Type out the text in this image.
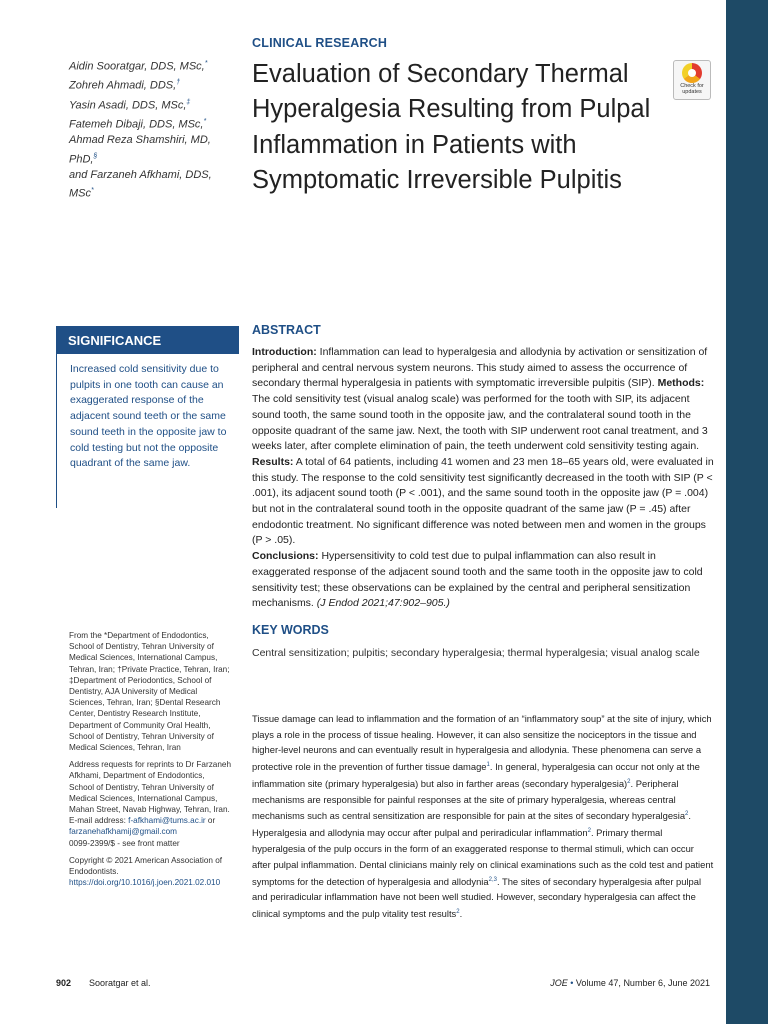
CLINICAL RESEARCH
Aidin Sooratgar, DDS, MSc,*
Zohreh Ahmadi, DDS,†
Yasin Asadi, DDS, MSc,‡
Fatemeh Dibaji, DDS, MSc,*
Ahmad Reza Shamshiri, MD, PhD,§
and Farzaneh Afkhami, DDS, MSc*
Evaluation of Secondary Thermal Hyperalgesia Resulting from Pulpal Inflammation in Patients with Symptomatic Irreversible Pulpitis
Check for
updates
SIGNIFICANCE
Increased cold sensitivity due to pulpits in one tooth can cause an exaggerated response of the adjacent sound teeth or the same sound teeth in the opposite jaw to cold testing but not the opposite quadrant of the same jaw.
ABSTRACT
Introduction: Inflammation can lead to hyperalgesia and allodynia by activation or sensitization of peripheral and central nervous system neurons. This study aimed to assess the occurrence of secondary thermal hyperalgesia in patients with symptomatic irreversible pulpitis (SIP). Methods: The cold sensitivity test (visual analog scale) was performed for the tooth with SIP, its adjacent sound tooth, the same sound tooth in the opposite jaw, and the contralateral sound tooth in the opposite quadrant of the same jaw. Next, the tooth with SIP underwent root canal treatment, and 3 weeks later, after complete elimination of pain, the teeth underwent cold sensitivity testing again. Results: A total of 64 patients, including 41 women and 23 men 18–65 years old, were evaluated in this study. The response to the cold sensitivity test significantly decreased in the tooth with SIP (P < .001), its adjacent sound tooth (P < .001), and the same sound tooth in the opposite jaw (P = .004) but not in the contralateral sound tooth in the opposite quadrant of the same jaw (P = .45) after endodontic treatment. No significant difference was noted between men and women in the groups (P > .05).
Conclusions: Hypersensitivity to cold test due to pulpal inflammation can also result in exaggerated response of the adjacent sound tooth and the same tooth in the opposite jaw to cold sensitivity test; these observations can be explained by the central and peripheral sensitization mechanisms. (J Endod 2021;47:902–905.)
KEY WORDS
Central sensitization; pulpitis; secondary hyperalgesia; thermal hyperalgesia; visual analog scale

From the *Department of Endodontics, School of Dentistry, Tehran University of Medical Sciences, International Campus, Tehran, Iran; †Private Practice, Tehran, Iran; ‡Department of Periodontics, School of Dentistry, AJA University of Medical Sciences, Tehran, Iran; §Dental Research Center, Dentistry Research Institute, Department of Community Oral Health, School of Dentistry, Tehran University of Medical Sciences, Tehran, Iran

Address requests for reprints to Dr Farzaneh Afkhami, Department of Endodontics, School of Dentistry, Tehran University of Medical Sciences, International Campus, Mahan Street, Navab Highway, Tehran, Iran.
E-mail address: f-afkhami@tums.ac.ir or farzanehafkhamij@gmail.com
0099-2399/$ - see front matter

Copyright © 2021 American Association of Endodontists.
https://doi.org/10.1016/j.joen.2021.02.010

Tissue damage can lead to inflammation and the formation of an “inflammatory soup” at the site of injury, which plays a role in the process of tissue healing. However, it can also sensitize the nociceptors in the tissue and higher-level neurons and can eventually result in hyperalgesia and allodynia. These phenomena can serve a protective role in the prevention of further tissue damage$^1$. In general, hyperalgesia can occur not only at the inflammation site (primary hyperalgesia) but also in farther areas (secondary hyperalgesia)$^2$. Peripheral mechanisms are responsible for painful responses at the site of primary hyperalgesia, whereas central mechanisms such as central sensitization are responsible for pain at the sites of secondary hyperalgesia$^2$. Hyperalgesia and allodynia may occur after pulpal and periradicular inflammation$^2$. Primary thermal hyperalgesia of the pulp occurs in the form of an exaggerated response to thermal stimuli, which can occur after pulpal inflammation. Dental clinicians mainly rely on clinical examinations such as the cold test and patient symptoms for the detection of hyperalgesia and allodynia$^{2,3}$. The sites of secondary hyperalgesia after pulpal and periradicular inflammation have not been well studied. However, secondary hyperalgesia can affect the clinical symptoms and the pulp vitality test results$^2$.
902 Sooratgar et al.	JOE • Volume 47, Number 6, June 2021
